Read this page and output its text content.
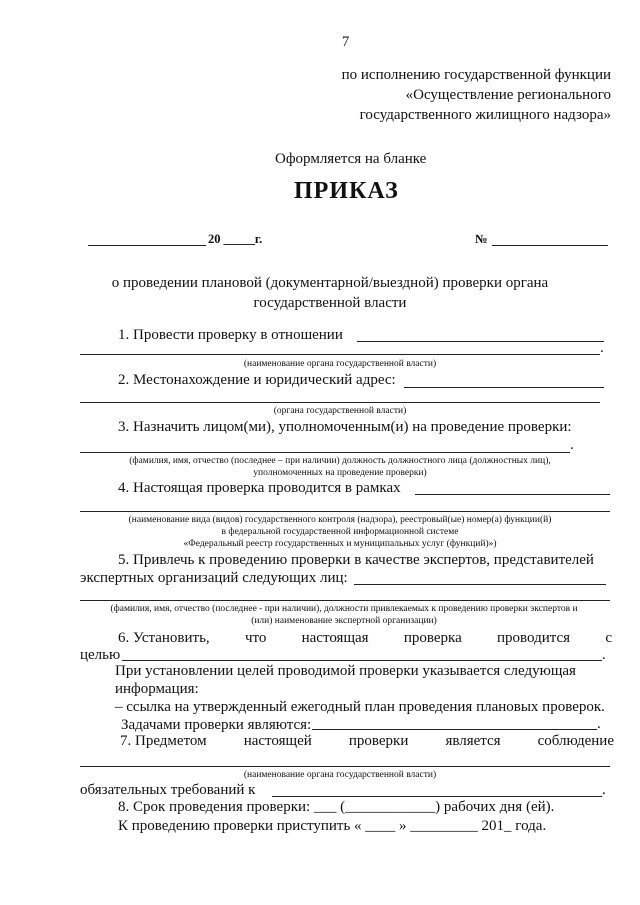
7
по исполнению государственной функции
«Осуществление регионального
государственного жилищного надзора»
Оформляется на бланке
ПРИКАЗ
20 _____г.	№
о проведении плановой (документарной/выездной) проверки органа
государственной власти
1. Провести проверку в отношении
.
(наименование органа государственной власти)
2. Местонахождение и юридический адрес:
(органа государственной власти)
3. Назначить лицом(ми), уполномоченным(и) на проведение проверки:
.
(фамилия, имя, отчество (последнее – при наличии) должность должностного лица (должностных лиц),
уполномоченных на проведение проверки)
4. Настоящая проверка проводится в рамках
(наименование вида (видов) государственного контроля (надзора), реестровый(ые) номер(а) функции(й)
в федеральной государственной информационной системе
«Федеральный реестр государственных и муниципальных услуг (функций)»)
5. Привлечь к проведению проверки в качестве экспертов, представителей
экспертных организаций следующих лиц:
(фамилия, имя, отчество (последнее - при наличии), должности привлекаемых к проведению проверки экспертов и
(или) наименование экспертной организации)
6. Установить, что настоящая проверка проводится с
целью	.
При установлении целей проводимой проверки указывается следующая
информация:
– ссылка на утвержденный ежегодный план проведения плановых проверок.
Задачами проверки являются:	.
7. Предметом настоящей проверки является соблюдение
(наименование органа государственной власти)
обязательных требований к	.
8. Срок проведения проверки: ___ (____________) рабочих дня (ей).
К проведению проверки приступить « ____ » _________ 201_ года.
